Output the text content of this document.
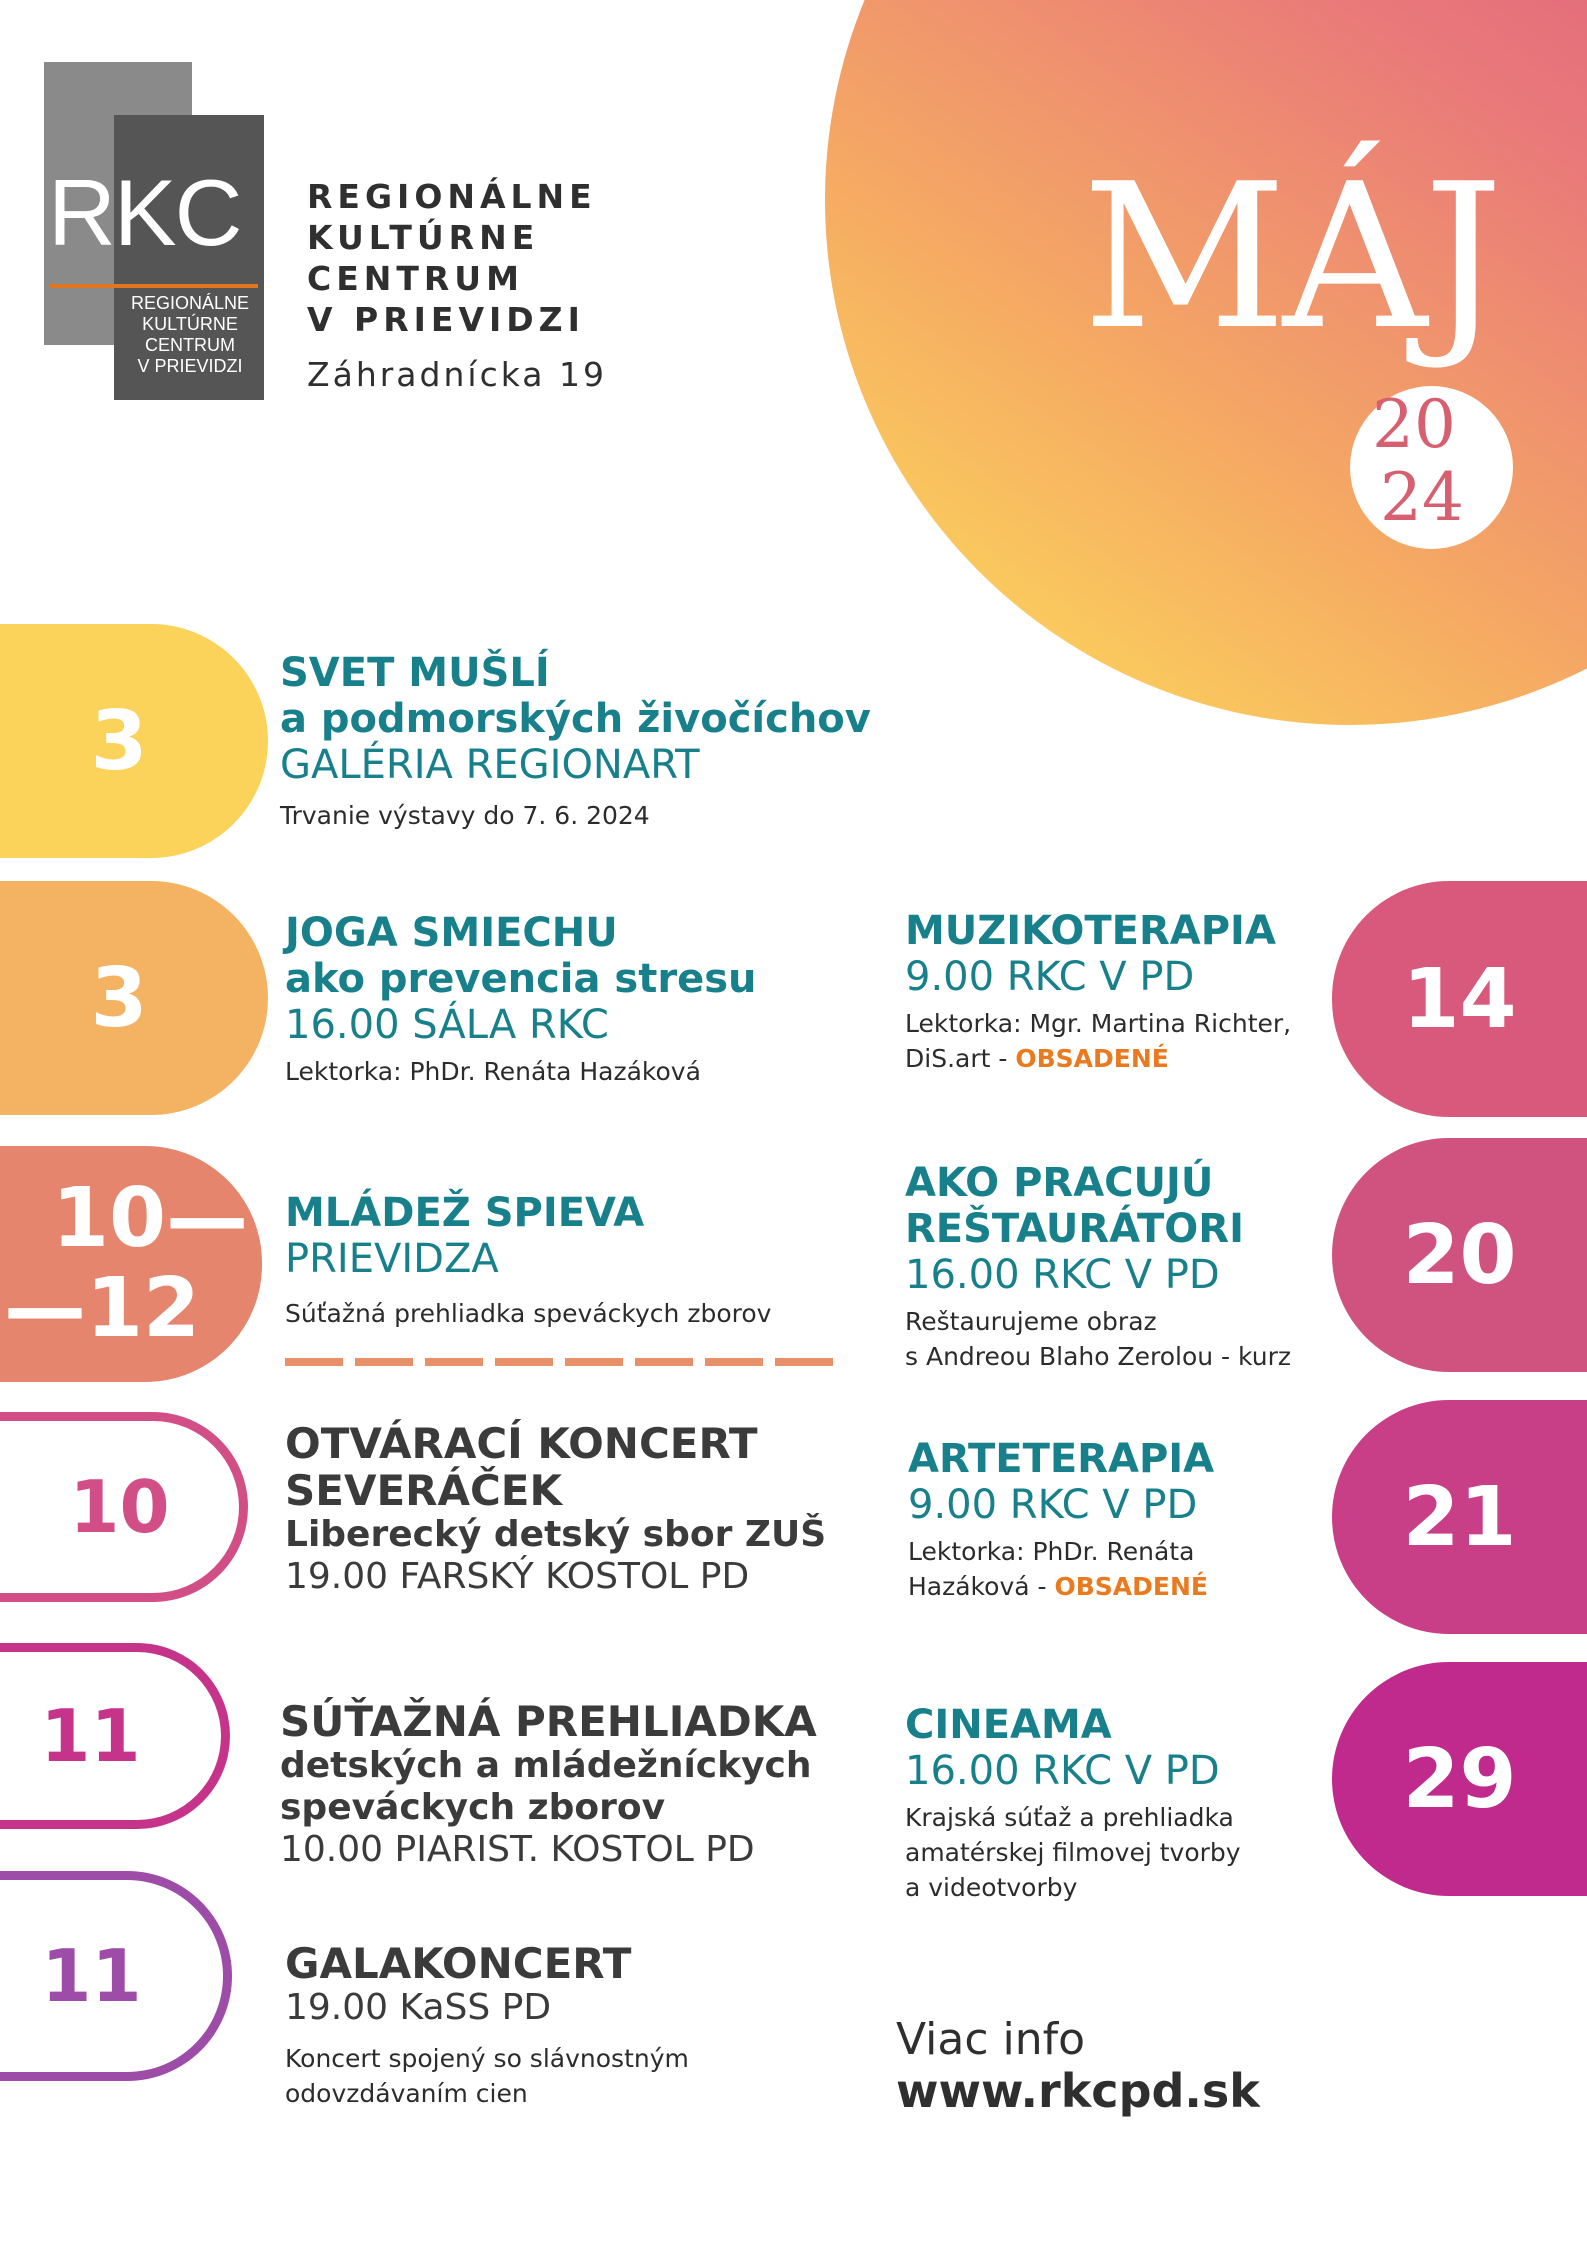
RKC
REGIONÁLNE
KULTÚRNE
CENTRUM
V PRIEVIDZI
REGIONÁLNE
KULTÚRNE
CENTRUM
V PRIEVIDZI
Záhradnícka 19
MÁJ
20
24
3
SVET MUŠLÍ
a podmorských živočíchov
GALÉRIA REGIONART
Trvanie výstavy do 7. 6. 2024
3
JOGA SMIECHU
ako prevencia stresu
16.00 SÁLA RKC
Lektorka: PhDr. Renáta Hazáková
10—
—12
MLÁDEŽ SPIEVA
PRIEVIDZA
Súťažná prehliadka speváckych zborov
10
OTVÁRACÍ KONCERT
SEVERÁČEK
Liberecký detský sbor ZUŠ
19.00 FARSKÝ KOSTOL PD
11	SÚŤAŽNÁ PREHLIADKA
detských a mládežníckych
speváckych zborov
10.00 PIARIST. KOSTOL PD
11	GALAKONCERT
19.00 KaSS PD
Koncert spojený so slávnostným
odovzdávaním cien
14
MUZIKOTERAPIA
9.00 RKC V PD
Lektorka: Mgr. Martina Richter,
DiS.art - OBSADENÉ
20
AKO PRACUJÚ
REŠTAURÁTORI
16.00 RKC V PD
Reštaurujeme obraz
s Andreou Blaho Zerolou - kurz
21
ARTETERAPIA
9.00 RKC V PD
Lektorka: PhDr. Renáta
Hazáková - OBSADENÉ
29
CINEAMA
16.00 RKC V PD
Krajská súťaž a prehliadka
amatérskej filmovej tvorby
a videotvorby
Viac info
www.rkcpd.sk
